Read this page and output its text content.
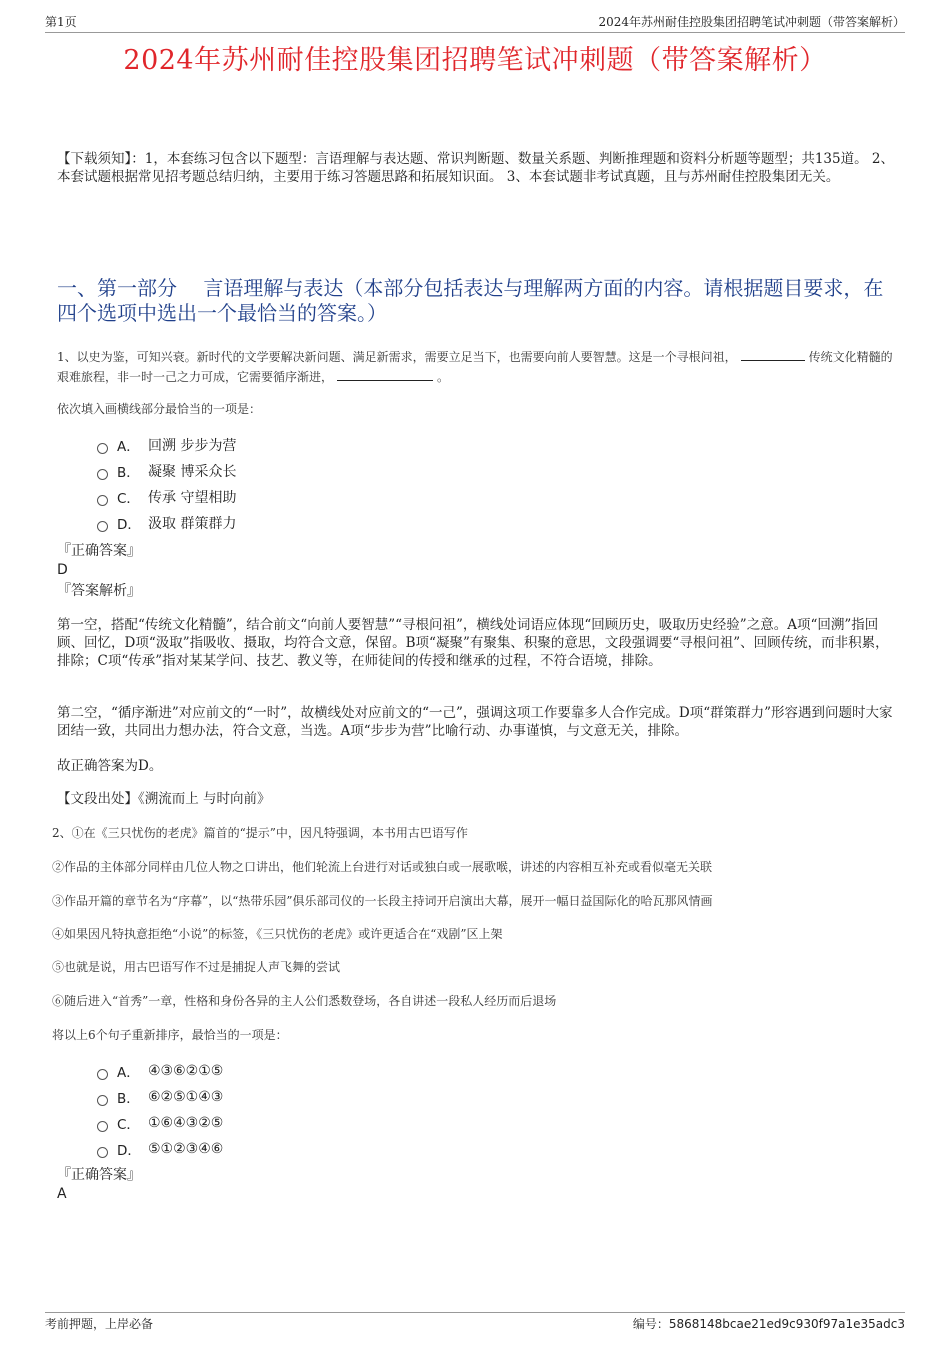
第1页	2024年苏州耐佳控股集团招聘笔试冲刺题（带答案解析）
2024年苏州耐佳控股集团招聘笔试冲刺题（带答案解析）
【下载须知】：1，本套练习包含以下题型：言语理解与表达题、常识判断题、数量关系题、判断推理题和资料分析题等题型；共135道。 2、本套试题根据常见招考题总结归纳，主要用于练习答题思路和拓展知识面。 3、本套试题非考试真题，且与苏州耐佳控股集团无关。
一、第一部分　 言语理解与表达（本部分包括表达与理解两方面的内容。请根据题目要求，在四个选项中选出一个最恰当的答案。）
1、以史为鉴，可知兴衰。新时代的文学要解决新问题、满足新需求，需要立足当下，也需要向前人要智慧。这是一个寻根问祖，	传统文化精髓的艰难旅程，非一时一己之力可成，它需要循序渐进，	。
依次填入画横线部分最恰当的一项是：
A． 回溯 步步为营
B． 凝聚 博采众长
C． 传承 守望相助
D． 汲取 群策群力
『正确答案』
D
『答案解析』
第一空，搭配“传统文化精髓”，结合前文“向前人要智慧”“寻根问祖”，横线处词语应体现“回顾历史，吸取历史经验”之意。A项“回溯”指回顾、回忆，D项“汲取”指吸收、摄取，均符合文意，保留。B项“凝聚”有聚集、积聚的意思，文段强调要“寻根问祖”、回顾传统，而非积累，排除；C项“传承”指对某某学问、技艺、教义等，在师徒间的传授和继承的过程，不符合语境，排除。
第二空，“循序渐进”对应前文的“一时”，故横线处对应前文的“一己”，强调这项工作要靠多人合作完成。D项“群策群力”形容遇到问题时大家团结一致，共同出力想办法，符合文意，当选。A项“步步为营”比喻行动、办事谨慎，与文意无关，排除。
故正确答案为D。
【文段出处】《溯流而上 与时向前》
2、①在《三只忧伤的老虎》篇首的“提示”中，因凡特强调，本书用古巴语写作
②作品的主体部分同样由几位人物之口讲出，他们轮流上台进行对话或独白或一展歌喉，讲述的内容相互补充或看似毫无关联
③作品开篇的章节名为“序幕”，以“热带乐园”俱乐部司仪的一长段主持词开启演出大幕，展开一幅日益国际化的哈瓦那风情画
④如果因凡特执意拒绝“小说”的标签，《三只忧伤的老虎》或许更适合在“戏剧”区上架
⑤也就是说，用古巴语写作不过是捕捉人声飞舞的尝试
⑥随后进入“首秀”一章，性格和身份各异的主人公们悉数登场，各自讲述一段私人经历而后退场
将以上6个句子重新排序，最恰当的一项是：
A． ④③⑥②①⑤
B． ⑥②⑤①④③
C． ①⑥④③②⑤
D． ⑤①②③④⑥
『正确答案』
A
考前押题，上岸必备	编号：5868148bcae21ed9c930f97a1e35adc3
